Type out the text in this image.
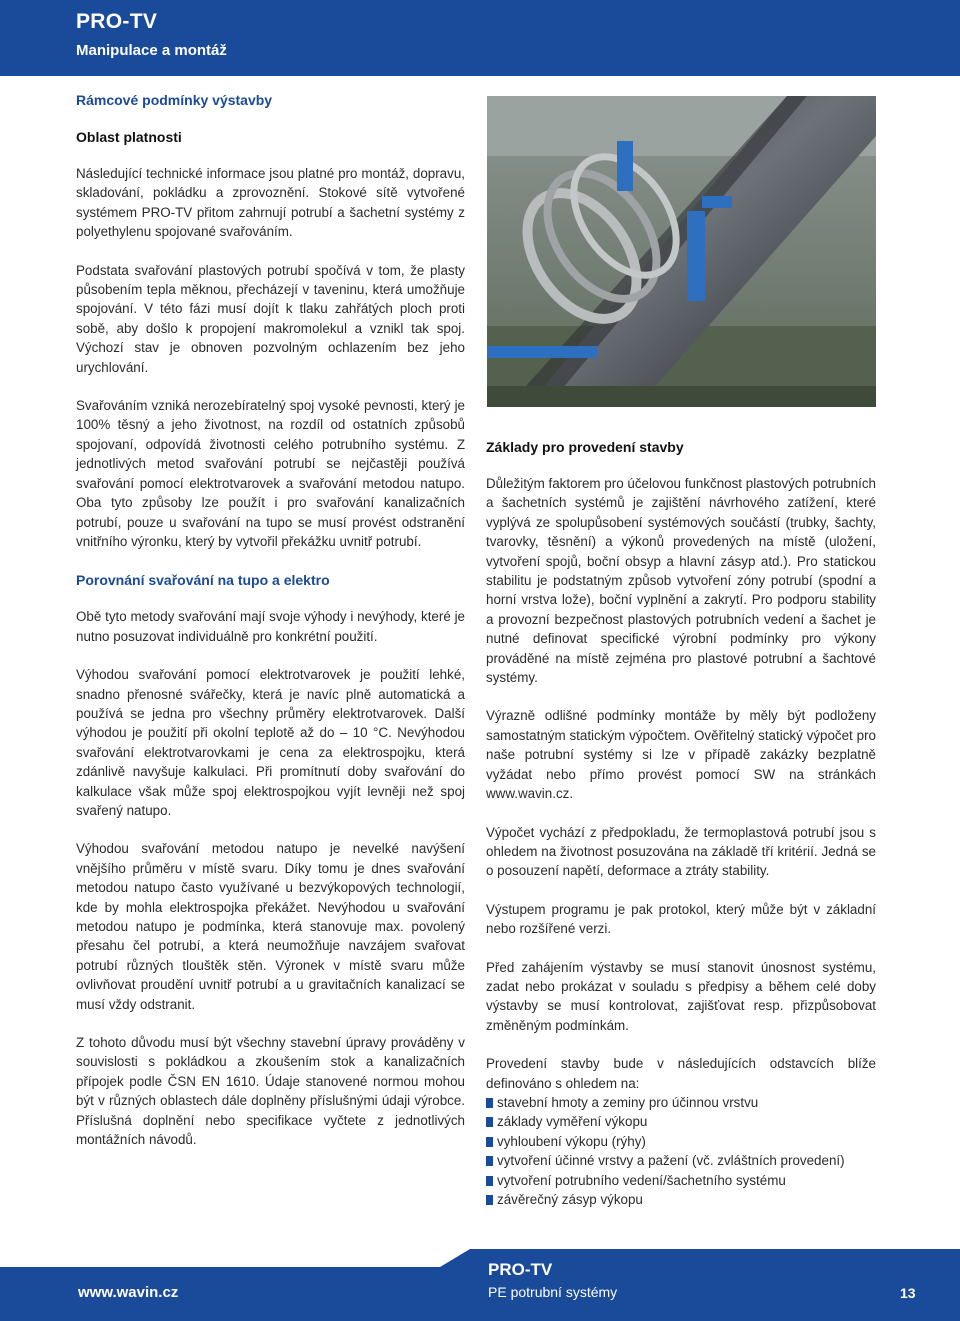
PRO-TV
Manipulace a montáž
Rámcové podmínky výstavby
Oblast platnosti

Následující technické informace jsou platné pro montáž, dopravu, skladování, pokládku a zprovoznění. Stokové sítě vytvořené systémem PRO-TV přitom zahrnují potrubí a šachetní systémy z polyethylenu spojované svařováním.

Podstata svařování plastových potrubí spočívá v tom, že plasty působením tepla měknou, přecházejí v taveninu, která umožňuje spojování. V této fázi musí dojít k tlaku zahřátých ploch proti sobě, aby došlo k propojení makromolekul a vznikl tak spoj. Výchozí stav je obnoven pozvolným ochlazením bez jeho urychlování.

Svařováním vzniká nerozebíratelný spoj vysoké pevnosti, který je 100% těsný a jeho životnost, na rozdíl od ostatních způsobů spojovaní, odpovídá životnosti celého potrubního systému. Z jednotlivých metod svařování potrubí se nejčastěji používá svařování pomocí elektrotvarovek a svařování metodou natupo. Oba tyto způsoby lze použít i pro svařování kanalizačních potrubí, pouze u svařování na tupo se musí provést odstranění vnitřního výronku, který by vytvořil překážku uvnitř potrubí.

Porovnání svařování na tupo a elektro

Obě tyto metody svařování mají svoje výhody i nevýhody, které je nutno posuzovat individuálně pro konkrétní použití.

Výhodou svařování pomocí elektrotvarovek je použití lehké, snadno přenosné svářečky, která je navíc plně automatická a používá se jedna pro všechny průměry elektrotvarovek. Další výhodou je použití při okolní teplotě až do – 10 °C. Nevýhodou svařování elektrotvarovkami je cena za elektrospojku, která zdánlivě navyšuje kalkulaci. Při promítnutí doby svařování do kalkulace však může spoj elektrospojkou vyjít levněji než spoj svařený natupo.

Výhodou svařování metodou natupo je nevelké navýšení vnějšího průměru v místě svaru. Díky tomu je dnes svařování metodou natupo často využívané u bezvýkopových technologií, kde by mohla elektrospojka překážet. Nevýhodou u svařování metodou natupo je podmínka, která stanovuje max. povolený přesahu čel potrubí, a která neumožňuje navzájem svařovat potrubí různých tlouštěk stěn. Výronek v místě svaru může ovlivňovat proudění uvnitř potrubí a u gravitačních kanalizací se musí vždy odstranit.

Z tohoto důvodu musí být všechny stavební úpravy prováděny v souvislosti s pokládkou a zkoušením stok a kanalizačních přípojek podle ČSN EN 1610. Údaje stanovené normou mohou být v různých oblastech dále doplněny příslušnými údaji výrobce. Příslušná doplnění nebo specifikace vyčtete z jednotlivých montážních návodů.

Základy pro provedení stavby

Důležitým faktorem pro účelovou funkčnost plastových potrubních a šachetních systémů je zajištění návrhového zatížení, které vyplývá ze spolupůsobení systémových součástí (trubky, šachty, tvarovky, těsnění) a výkonů provedených na místě (uložení, vytvoření spojů, boční obsyp a hlavní zásyp atd.). Pro statickou stabilitu je podstatným způsob vytvoření zóny potrubí (spodní a horní vrstva lože), boční vyplnění a zakrytí. Pro podporu stability a provozní bezpečnost plastových potrubních vedení a šachet je nutné definovat specifické výrobní podmínky pro výkony prováděné na místě zejména pro plastové potrubní a šachtové systémy.

Výrazně odlišné podmínky montáže by měly být podloženy samostatným statickým výpočtem. Ověřitelný statický výpočet pro naše potrubní systémy si lze v případě zakázky bezplatně vyžádat nebo přímo provést pomocí SW na stránkách www.wavin.cz.

Výpočet vychází z předpokladu, že termoplastová potrubí jsou s ohledem na životnost posuzována na základě tří kritérií. Jedná se o posouzení napětí, deformace a ztráty stability.

Výstupem programu je pak protokol, který může být v základní nebo rozšířené verzi.

Před zahájením výstavby se musí stanovit únosnost systému, zadat nebo prokázat v souladu s předpisy a během celé doby výstavby se musí kontrolovat, zajišťovat resp. přizpůsobovat změněným podmínkám.

Provedení stavby bude v následujících odstavcích blíže definováno s ohledem na:

stavební hmoty a zeminy pro účinnou vrstvu
základy vyměření výkopu
vyhloubení výkopu (rýhy)
vytvoření účinné vrstvy a pažení (vč. zvláštních provedení)
vytvoření potrubního vedení/šachetního systému
závěrečný zásyp výkopu
www.wavin.cz
PRO-TV
PE potrubní systémy	13
